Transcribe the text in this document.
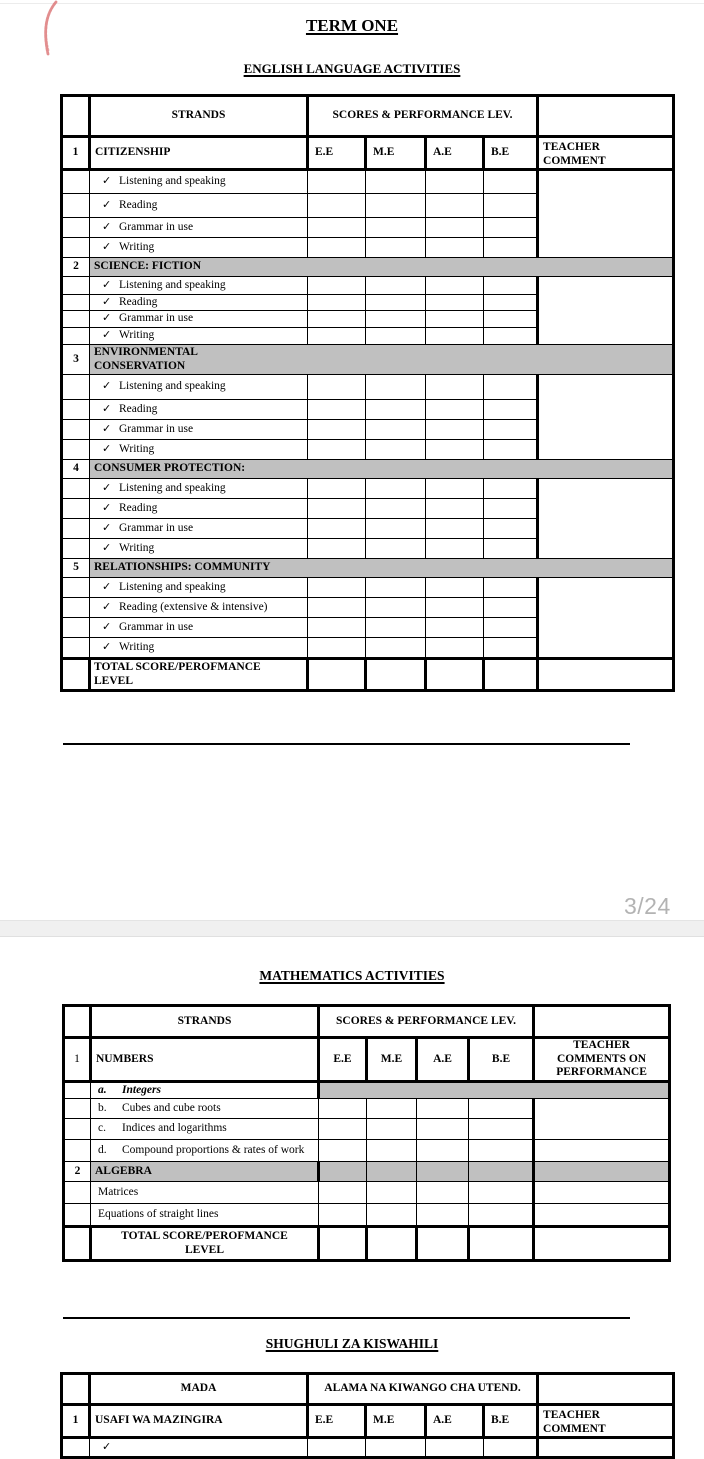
TERM ONE
ENGLISH LANGUAGE ACTIVITIES
	STRANDS	SCORES & PERFORMANCE LEV.				
1	CITIZENSHIP	E.E	M.E	A.E	B.E	TEACHER COMMENT
	✓ Listening and speaking					
	✓ Reading					
	✓ Grammar in use					
	✓ Writing					
2	SCIENCE: FICTION					
	✓ Listening and speaking					
	✓ Reading					
	✓ Grammar in use					
	✓ Writing					
3	ENVIRONMENTAL CONSERVATION					
	✓ Listening and speaking					
	✓ Reading					
	✓ Grammar in use					
	✓ Writing					
4	CONSUMER PROTECTION:					
	✓ Listening and speaking					
	✓ Reading					
	✓ Grammar in use					
	✓ Writing					
5	RELATIONSHIPS: COMMUNITY					
	✓ Listening and speaking					
	✓ Reading (extensive & intensive)					
	✓ Grammar in use					
	✓ Writing					
	TOTAL SCORE/PEROFMANCE LEVEL					
3/24
MATHEMATICS ACTIVITIES
	STRANDS	SCORES & PERFORMANCE LEV.				
1	NUMBERS	E.E	M.E	A.E	B.E	TEACHER COMMENTS ON PERFORMANCE
	a. Integers					
	b. Cubes and cube roots					
	c. Indices and logarithms					
	d. Compound proportions & rates of work					
2	ALGEBRA					
	Matrices					
	Equations of straight lines					
	TOTAL SCORE/PEROFMANCE LEVEL					
SHUGHULI ZA KISWAHILI
	MADA	ALAMA NA KIWANGO CHA UTEND.				
1	USAFI WA MAZINGIRA	E.E	M.E	A.E	B.E	TEACHER COMMENT
	✓					
